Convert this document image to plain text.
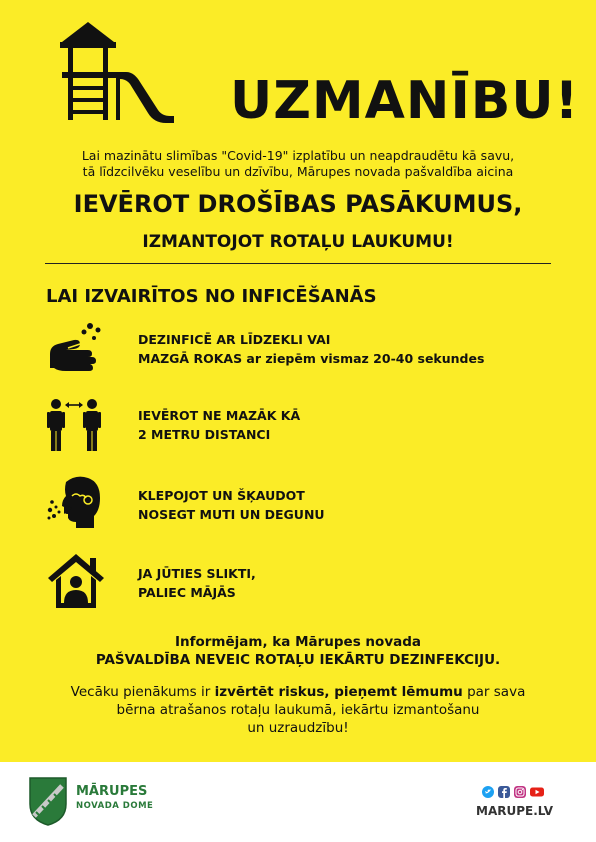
UZMANĪBU!
Lai mazinātu slimības "Covid-19" izplatību un neapdraudētu kā savu,
tā līdzcilvēku veselību un dzīvību, Mārupes novada pašvaldība aicina
IEVĒROT DROŠĪBAS PASĀKUMUS,
IZMANTOJOT ROTAĻU LAUKUMU!
LAI IZVAIRĪTOS NO INFICĒŠANĀS
DEZINFICĒ AR LĪDZEKLI VAI
MAZGĀ ROKAS ar ziepēm vismaz 20-40 sekundes
IEVĒROT NE MAZĀK KĀ
2 METRU DISTANCI
KLEPOJOT UN ŠĶAUDOT
NOSEGT MUTI UN DEGUNU
JA JŪTIES SLIKTI,
PALIEC MĀJĀS
Informējam, ka Mārupes novada
PAŠVALDĪBA NEVEIC ROTAĻU IEKĀRTU DEZINFEKCIJU.
Vecāku pienākums ir izvērtēt riskus, pieņemt lēmumu par sava
bērna atrašanos rotaļu laukumā, iekārtu izmantošanu
un uzraudzību!
MĀRUPES
NOVADA DOME	MARUPE.LV
